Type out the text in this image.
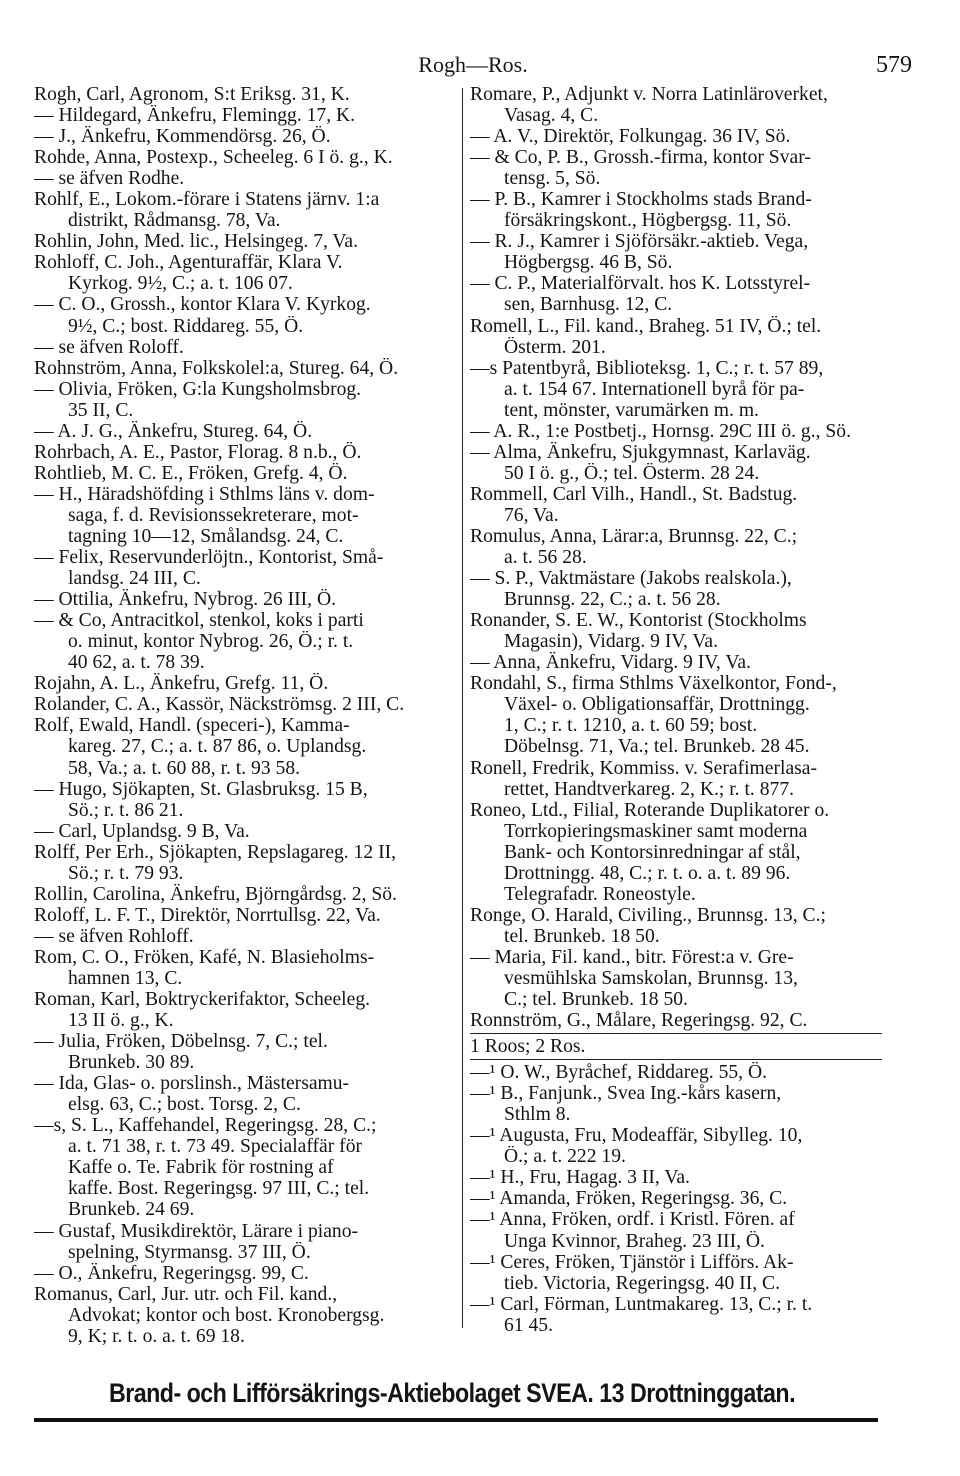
Rogh—Ros.	579
Rogh, Carl, Agronom, S:t Eriksg. 31, K.
— Hildegard, Änkefru, Flemingg. 17, K.
— J., Änkefru, Kommendörsg. 26, Ö.
Rohde, Anna, Postexp., Scheeleg. 6 I ö. g., K.
— se äfven Rodhe.
Rohlf, E., Lokom.-förare i Statens järnv. 1:a
distrikt, Rådmansg. 78, Va.
Rohlin, John, Med. lic., Helsingeg. 7, Va.
Rohloff, C. Joh., Agenturaffär, Klara V.
Kyrkog. 9½, C.; a. t. 106 07.
— C. O., Grossh., kontor Klara V. Kyrkog.
9½, C.; bost. Riddareg. 55, Ö.
— se äfven Roloff.
Rohnström, Anna, Folkskolel:a, Stureg. 64, Ö.
— Olivia, Fröken, G:la Kungsholmsbrog.
35 II, C.
— A. J. G., Änkefru, Stureg. 64, Ö.
Rohrbach, A. E., Pastor, Florag. 8 n.b., Ö.
Rohtlieb, M. C. E., Fröken, Grefg. 4, Ö.
— H., Häradshöfding i Sthlms läns v. dom-
saga, f. d. Revisionssekreterare, mot-
tagning 10—12, Smålandsg. 24, C.
— Felix, Reservunderlöjtn., Kontorist, Små-
landsg. 24 III, C.
— Ottilia, Änkefru, Nybrog. 26 III, Ö.
— & Co, Antracitkol, stenkol, koks i parti
o. minut, kontor Nybrog. 26, Ö.; r. t.
40 62, a. t. 78 39.
Rojahn, A. L., Änkefru, Grefg. 11, Ö.
Rolander, C. A., Kassör, Näckströmsg. 2 III, C.
Rolf, Ewald, Handl. (speceri-), Kamma-
kareg. 27, C.; a. t. 87 86, o. Uplandsg.
58, Va.; a. t. 60 88, r. t. 93 58.
— Hugo, Sjökapten, St. Glasbruksg. 15 B,
Sö.; r. t. 86 21.
— Carl, Uplandsg. 9 B, Va.
Rolff, Per Erh., Sjökapten, Repslagareg. 12 II,
Sö.; r. t. 79 93.
Rollin, Carolina, Änkefru, Björngårdsg. 2, Sö.
Roloff, L. F. T., Direktör, Norrtullsg. 22, Va.
— se äfven Rohloff.
Rom, C. O., Fröken, Kafé, N. Blasieholms-
hamnen 13, C.
Roman, Karl, Boktryckerifaktor, Scheeleg.
13 II ö. g., K.
— Julia, Fröken, Döbelnsg. 7, C.; tel.
Brunkeb. 30 89.
— Ida, Glas- o. porslinsh., Mästersamu-
elsg. 63, C.; bost. Torsg. 2, C.
—s, S. L., Kaffehandel, Regeringsg. 28, C.;
a. t. 71 38, r. t. 73 49. Specialaffär för
Kaffe o. Te. Fabrik för rostning af
kaffe. Bost. Regeringsg. 97 III, C.; tel.
Brunkeb. 24 69.
— Gustaf, Musikdirektör, Lärare i piano-
spelning, Styrmansg. 37 III, Ö.
— O., Änkefru, Regeringsg. 99, C.
Romanus, Carl, Jur. utr. och Fil. kand.,
Advokat; kontor och bost. Kronobergsg.
9, K; r. t. o. a. t. 69 18.
Romare, P., Adjunkt v. Norra Latinläroverket,
Vasag. 4, C.
— A. V., Direktör, Folkungag. 36 IV, Sö.
— & Co, P. B., Grossh.-firma, kontor Svar-
tensg. 5, Sö.
— P. B., Kamrer i Stockholms stads Brand-
försäkringskont., Högbergsg. 11, Sö.
— R. J., Kamrer i Sjöförsäkr.-aktieb. Vega,
Högbergsg. 46 B, Sö.
— C. P., Materialförvalt. hos K. Lotsstyrel-
sen, Barnhusg. 12, C.
Romell, L., Fil. kand., Braheg. 51 IV, Ö.; tel.
Österm. 201.
—s Patentbyrå, Biblioteksg. 1, C.; r. t. 57 89,
a. t. 154 67. Internationell byrå för pa-
tent, mönster, varumärken m. m.
— A. R., 1:e Postbetj., Hornsg. 29C III ö. g., Sö.
— Alma, Änkefru, Sjukgymnast, Karlaväg.
50 I ö. g., Ö.; tel. Österm. 28 24.
Rommell, Carl Vilh., Handl., St. Badstug.
76, Va.
Romulus, Anna, Lärar:a, Brunnsg. 22, C.;
a. t. 56 28.
— S. P., Vaktmästare (Jakobs realskola.),
Brunnsg. 22, C.; a. t. 56 28.
Ronander, S. E. W., Kontorist (Stockholms
Magasin), Vidarg. 9 IV, Va.
— Anna, Änkefru, Vidarg. 9 IV, Va.
Rondahl, S., firma Sthlms Växelkontor, Fond-,
Växel- o. Obligationsaffär, Drottningg.
1, C.; r. t. 1210, a. t. 60 59; bost.
Döbelnsg. 71, Va.; tel. Brunkeb. 28 45.
Ronell, Fredrik, Kommiss. v. Serafimerlasa-
rettet, Handtverkareg. 2, K.; r. t. 877.
Roneo, Ltd., Filial, Roterande Duplikatorer o.
Torrkopieringsmaskiner samt moderna
Bank- och Kontorsinredningar af stål,
Drottningg. 48, C.; r. t. o. a. t. 89 96.
Telegrafadr. Roneostyle.
Ronge, O. Harald, Civiling., Brunnsg. 13, C.;
tel. Brunkeb. 18 50.
— Maria, Fil. kand., bitr. Förest:a v. Gre-
vesmühlska Samskolan, Brunnsg. 13,
C.; tel. Brunkeb. 18 50.
Ronnström, G., Målare, Regeringsg. 92, C.
1 Roos; 2 Ros.
—¹ O. W., Byråchef, Riddareg. 55, Ö.
—¹ B., Fanjunk., Svea Ing.-kårs kasern,
Sthlm 8.
—¹ Augusta, Fru, Modeaffär, Sibylleg. 10,
Ö.; a. t. 222 19.
—¹ H., Fru, Hagag. 3 II, Va.
—¹ Amanda, Fröken, Regeringsg. 36, C.
—¹ Anna, Fröken, ordf. i Kristl. Fören. af
Unga Kvinnor, Braheg. 23 III, Ö.
—¹ Ceres, Fröken, Tjänstör i Lifförs. Ak-
tieb. Victoria, Regeringsg. 40 II, C.
—¹ Carl, Förman, Luntmakareg. 13, C.; r. t.
61 45.
Brand- och Lifförsäkrings-Aktiebolaget SVEA. 13 Drottninggatan.
